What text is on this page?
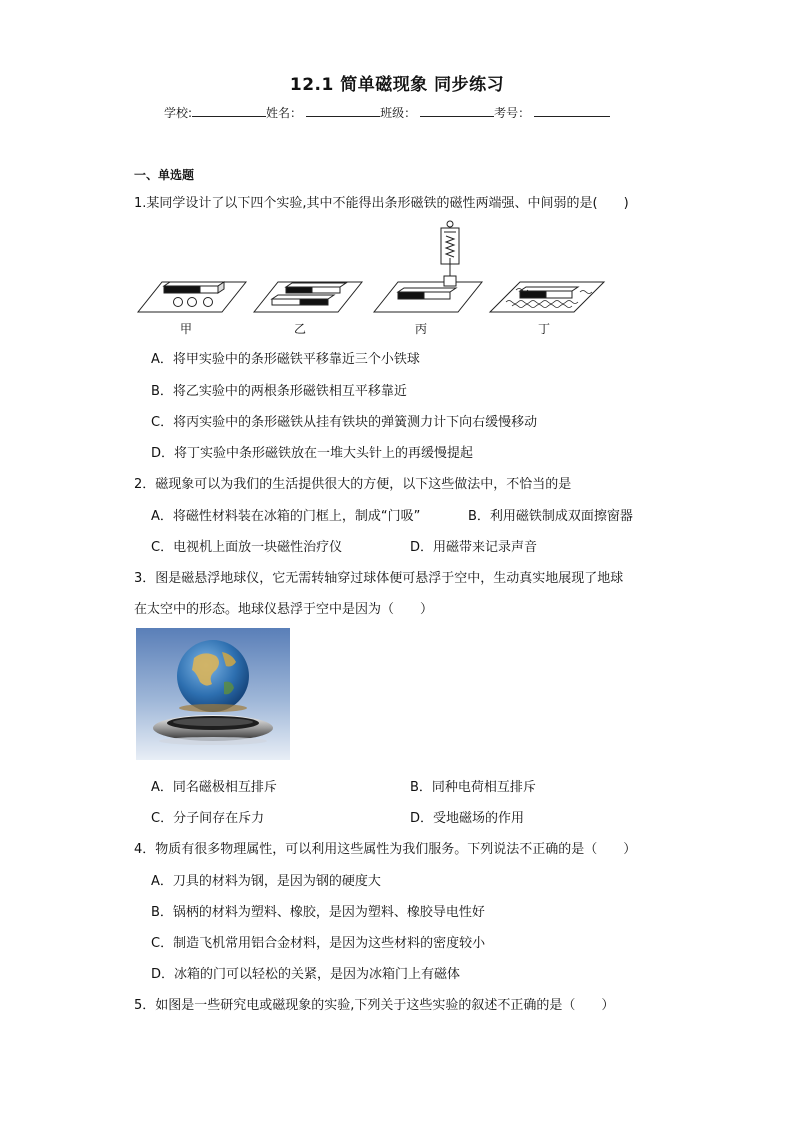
12.1 简单磁现象 同步练习
学校:	姓名：	班级：	考号：
一、单选题
1.某同学设计了以下四个实验,其中不能得出条形磁铁的磁性两端强、中间弱的是(　　)
甲	乙	丙	丁
A．将甲实验中的条形磁铁平移靠近三个小铁球
B．将乙实验中的两根条形磁铁相互平移靠近
C．将丙实验中的条形磁铁从挂有铁块的弹簧测力计下向右缓慢移动
D．将丁实验中条形磁铁放在一堆大头针上的再缓慢提起
2．磁现象可以为我们的生活提供很大的方便，以下这些做法中，不恰当的是
A．将磁性材料装在冰箱的门框上，制成“门吸”	B．利用磁铁制成双面擦窗器
C．电视机上面放一块磁性治疗仪	D．用磁带来记录声音
3．图是磁悬浮地球仪，它无需转轴穿过球体便可悬浮于空中，生动真实地展现了地球
在太空中的形态。地球仪悬浮于空中是因为（　　）
A．同名磁极相互排斥	B．同种电荷相互排斥
C．分子间存在斥力	D．受地磁场的作用
4．物质有很多物理属性，可以利用这些属性为我们服务。下列说法不正确的是（　　）
A．刀具的材料为钢，是因为钢的硬度大
B．锅柄的材料为塑料、橡胶，是因为塑料、橡胶导电性好
C．制造飞机常用铝合金材料，是因为这些材料的密度较小
D．冰箱的门可以轻松的关紧，是因为冰箱门上有磁体
5．如图是一些研究电或磁现象的实验,下列关于这些实验的叙述不正确的是（　　）
